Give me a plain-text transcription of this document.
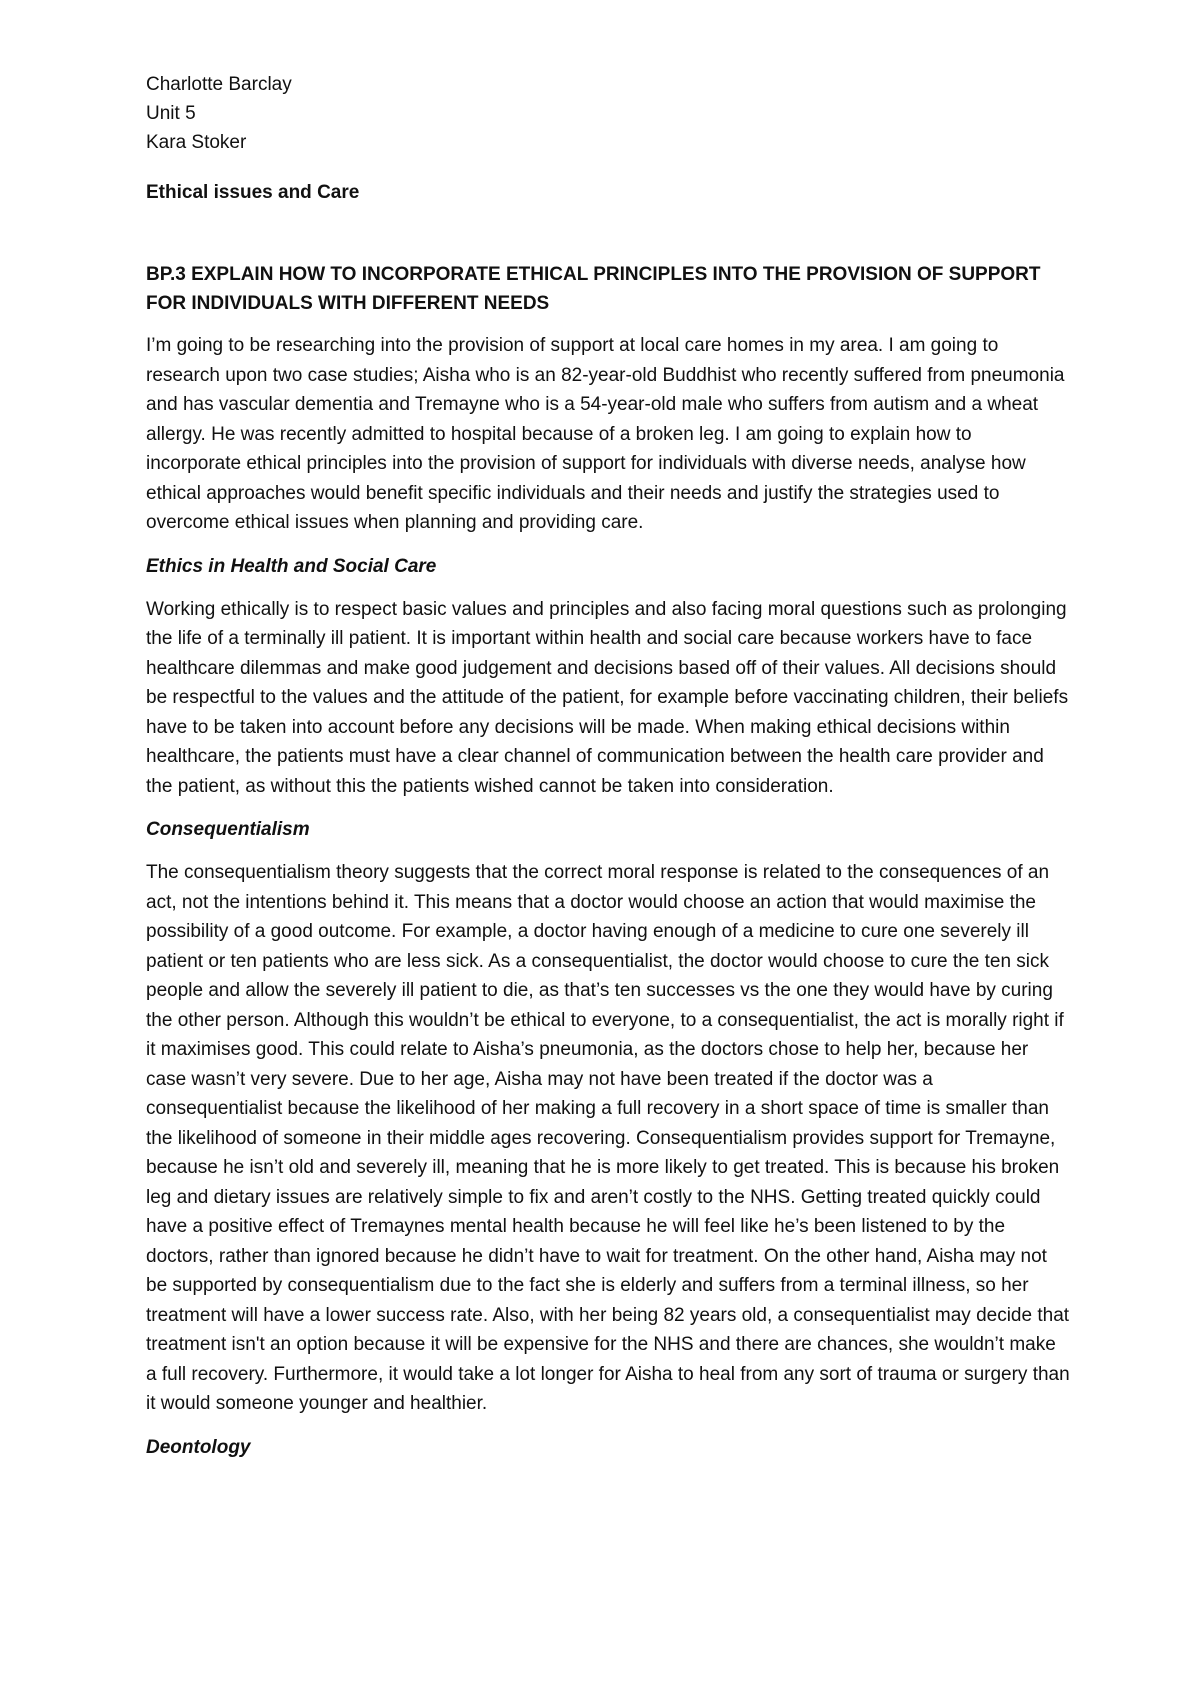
Charlotte Barclay

Unit 5

Kara Stoker

Ethical issues and Care

BP.3 EXPLAIN HOW TO INCORPORATE ETHICAL PRINCIPLES INTO THE PROVISION OF SUPPORT FOR INDIVIDUALS WITH DIFFERENT NEEDS

I’m going to be researching into the provision of support at local care homes in my area. I am going to research upon two case studies; Aisha who is an 82-year-old Buddhist who recently suffered from pneumonia and has vascular dementia and Tremayne who is a 54-year-old male who suffers from autism and a wheat allergy. He was recently admitted to hospital because of a broken leg. I am going to explain how to incorporate ethical principles into the provision of support for individuals with diverse needs, analyse how ethical approaches would benefit specific individuals and their needs and justify the strategies used to overcome ethical issues when planning and providing care.

Ethics in Health and Social Care

Working ethically is to respect basic values and principles and also facing moral questions such as prolonging the life of a terminally ill patient. It is important within health and social care because workers have to face healthcare dilemmas and make good judgement and decisions based off of their values. All decisions should be respectful to the values and the attitude of the patient, for example before vaccinating children, their beliefs have to be taken into account before any decisions will be made. When making ethical decisions within healthcare, the patients must have a clear channel of communication between the health care provider and the patient, as without this the patients wished cannot be taken into consideration.

Consequentialism

The consequentialism theory suggests that the correct moral response is related to the consequences of an act, not the intentions behind it. This means that a doctor would choose an action that would maximise the possibility of a good outcome. For example, a doctor having enough of a medicine to cure one severely ill patient or ten patients who are less sick. As a consequentialist, the doctor would choose to cure the ten sick people and allow the severely ill patient to die, as that’s ten successes vs the one they would have by curing the other person. Although this wouldn’t be ethical to everyone, to a consequentialist, the act is morally right if it maximises good. This could relate to Aisha’s pneumonia, as the doctors chose to help her, because her case wasn’t very severe. Due to her age, Aisha may not have been treated if the doctor was a consequentialist because the likelihood of her making a full recovery in a short space of time is smaller than the likelihood of someone in their middle ages recovering. Consequentialism provides support for Tremayne, because he isn’t old and severely ill, meaning that he is more likely to get treated. This is because his broken leg and dietary issues are relatively simple to fix and aren’t costly to the NHS. Getting treated quickly could have a positive effect of Tremaynes mental health because he will feel like he’s been listened to by the doctors, rather than ignored because he didn’t have to wait for treatment. On the other hand, Aisha may not be supported by consequentialism due to the fact she is elderly and suffers from a terminal illness, so her treatment will have a lower success rate. Also, with her being 82 years old, a consequentialist may decide that treatment isn't an option because it will be expensive for the NHS and there are chances, she wouldn’t make a full recovery. Furthermore, it would take a lot longer for Aisha to heal from any sort of trauma or surgery than it would someone younger and healthier.

Deontology
